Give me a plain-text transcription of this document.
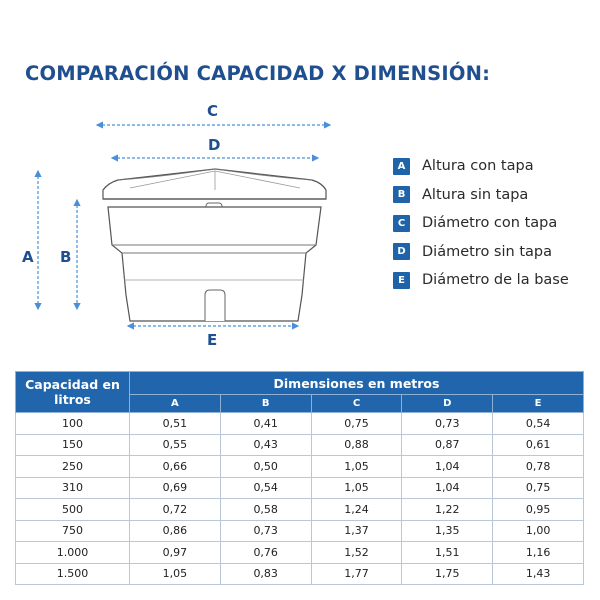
COMPARACIÓN CAPACIDAD X DIMENSIÓN:
C
D
E
A B
A	Altura con tapa
B	Altura sin tapa
C	Diámetro con tapa
D Diámetro sin tapa
E	Diámetro de la base
Capacidad en litros	Dimensiones en metros				
	A	B	C	D	E
100	0,51	0,41	0,75	0,73	0,54
150	0,55	0,43	0,88	0,87	0,61
250	0,66	0,50	1,05	1,04	0,78
310	0,69	0,54	1,05	1,04	0,75
500	0,72	0,58	1,24	1,22	0,95
750	0,86	0,73	1,37	1,35	1,00
1.000	0,97	0,76	1,52	1,51	1,16
1.500	1,05	0,83	1,77	1,75	1,43
